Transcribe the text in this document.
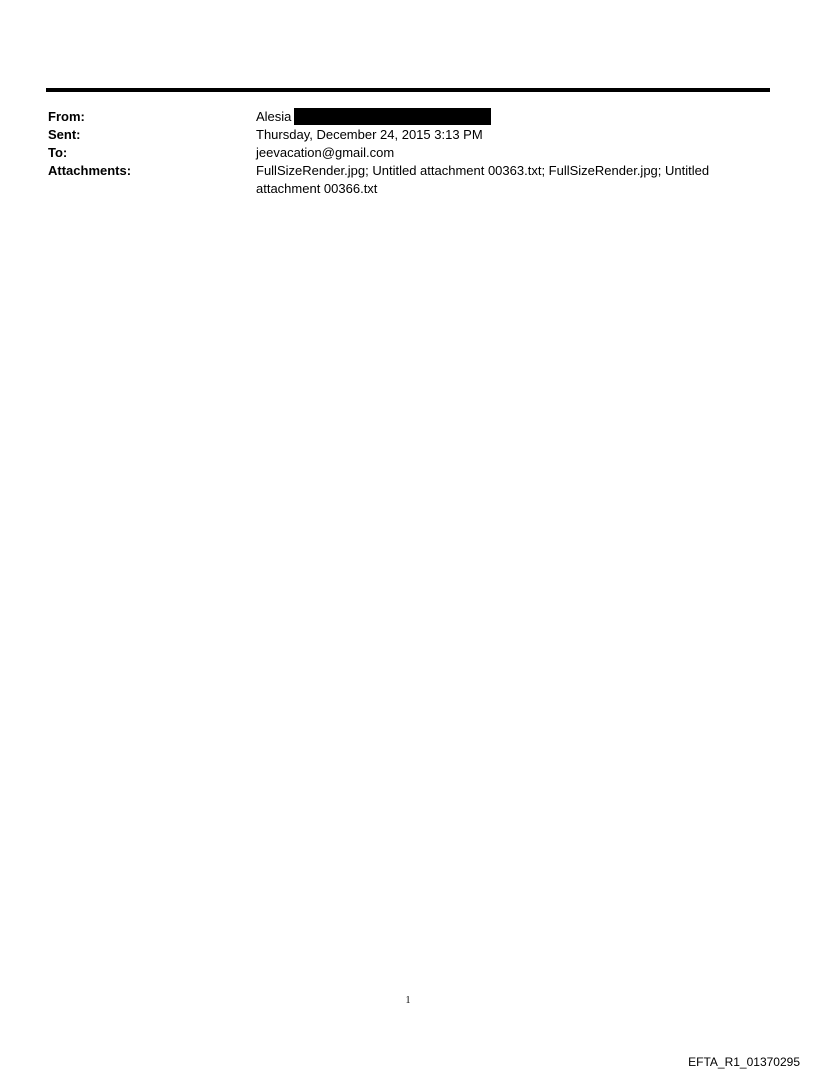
From:	Alesia
Sent:	Thursday, December 24, 2015 3:13 PM
To:	jeevacation@gmail.com
Attachments:	FullSizeRender.jpg; Untitled attachment 00363.txt; FullSizeRender.jpg; Untitled attachment 00366.txt
1
EFTA_R1_01370295
